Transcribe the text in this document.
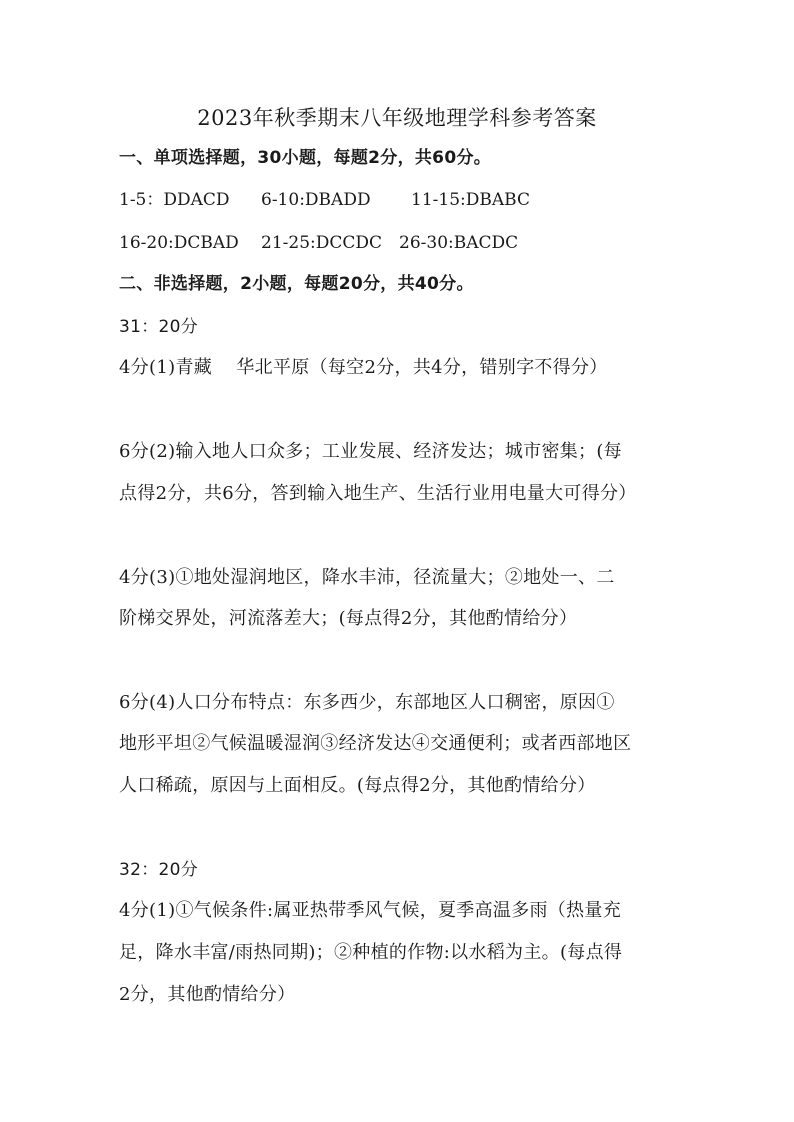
2023年秋季期末八年级地理学科参考答案
一、单项选择题，30小题，每题2分，共60分。
1-5：DDACD 6-10:DBADD 11-15:DBABC
16-20:DCBAD 21-25:DCCDC 26-30:BACDC
二、非选择题，2小题，每题20分，共40分。
31：20分
4分(1)青藏　 华北平原（每空2分，共4分，错别字不得分）
6分(2)输入地人口众多；工业发展、经济发达；城市密集；(每
点得2分，共6分，答到输入地生产、生活行业用电量大可得分）
4分(3)①地处湿润地区，降水丰沛，径流量大；②地处一、二
阶梯交界处，河流落差大；(每点得2分，其他酌情给分）
6分(4)人口分布特点：东多西少，东部地区人口稠密，原因①
地形平坦②气候温暖湿润③经济发达④交通便利；或者西部地区
人口稀疏，原因与上面相反。(每点得2分，其他酌情给分）
32：20分
4分(1)①气候条件:属亚热带季风气候，夏季高温多雨（热量充
足，降水丰富/雨热同期)；②种植的作物:以水稻为主。(每点得
2分，其他酌情给分）
